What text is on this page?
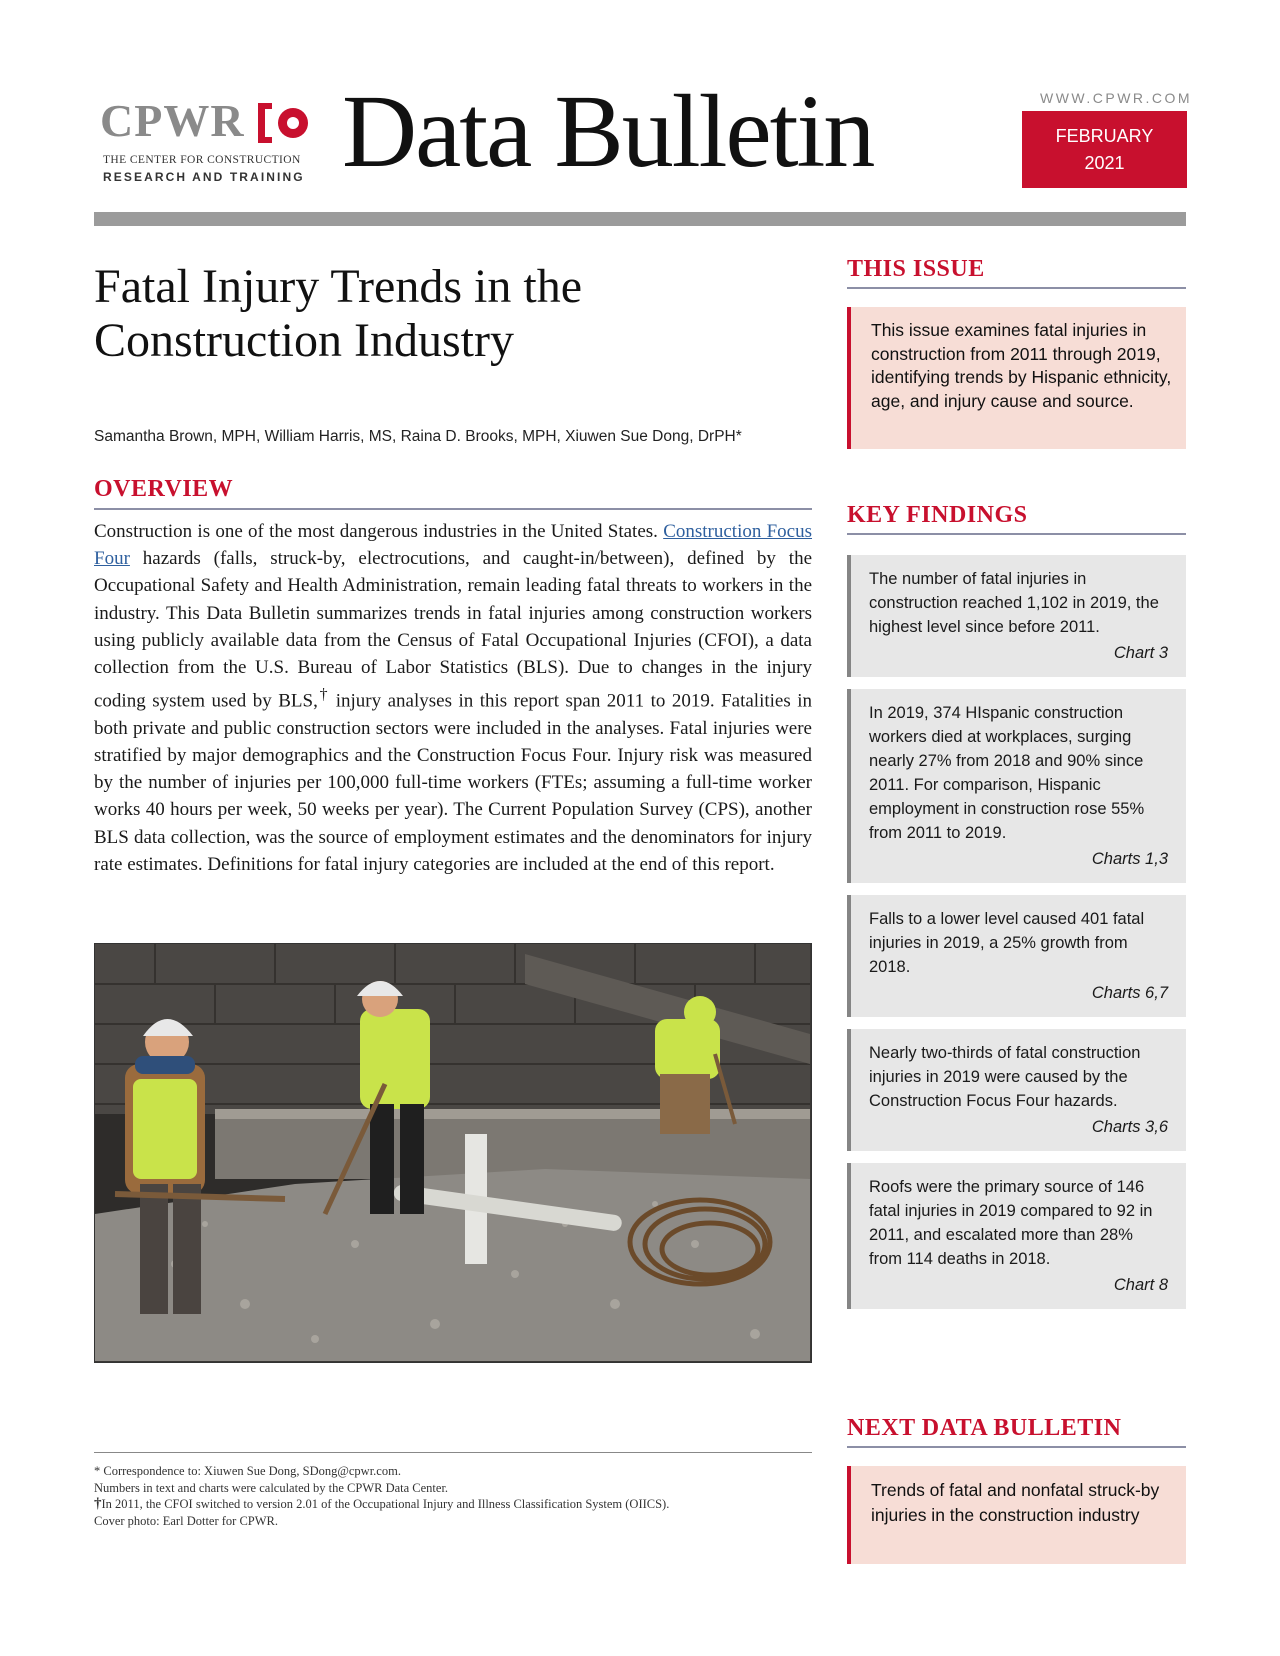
CPWR
THE CENTER FOR CONSTRUCTION
RESEARCH AND TRAINING Data Bulletin	WWW.CPWR.COM
FEBRUARY
2021
Fatal Injury Trends in the
Construction Industry
Samantha Brown, MPH, William Harris, MS, Raina D. Brooks, MPH, Xiuwen Sue Dong, DrPH*
OVERVIEW
Construction is one of the most dangerous industries in the United States. Construction Focus Four hazards (falls, struck-by, electrocutions, and caught-in/between), defined by the Occupational Safety and Health Administration, remain leading fatal threats to workers in the industry. This Data Bulletin summarizes trends in fatal injuries among construction workers using publicly available data from the Census of Fatal Occupational Injuries (CFOI), a data collection from the U.S. Bureau of Labor Statistics (BLS). Due to changes in the injury coding system used by BLS,† injury analyses in this report span 2011 to 2019. Fatalities in both private and public construction sectors were included in the analyses. Fatal injuries were stratified by major demographics and the Construction Focus Four. Injury risk was measured by the number of injuries per 100,000 full-time workers (FTEs; assuming a full-time worker works 40 hours per week, 50 weeks per year). The Current Population Survey (CPS), another BLS data collection, was the source of employment estimates and the denominators for injury rate estimates. Definitions for fatal injury categories are included at the end of this report.
* Correspondence to: Xiuwen Sue Dong, SDong@cpwr.com.
Numbers in text and charts were calculated by the CPWR Data Center.
†In 2011, the CFOI switched to version 2.01 of the Occupational Injury and Illness Classification System (OIICS).
Cover photo: Earl Dotter for CPWR.
THIS ISSUE
This issue examines fatal injuries in construction from 2011 through 2019, identifying trends by Hispanic ethnicity, age, and injury cause and source.
KEY FINDINGS
The number of fatal injuries in construction reached 1,102 in 2019, the highest level since before 2011.
Chart 3
In 2019, 374 HIspanic construction workers died at workplaces, surging nearly 27% from 2018 and 90% since 2011. For comparison, Hispanic employment in construction rose 55% from 2011 to 2019.
Charts 1,3
Falls to a lower level caused 401 fatal injuries in 2019, a 25% growth from 2018.
Charts 6,7
Nearly two-thirds of fatal construction injuries in 2019 were caused by the Construction Focus Four hazards.
Charts 3,6
Roofs were the primary source of 146 fatal injuries in 2019 compared to 92 in 2011, and escalated more than 28% from 114 deaths in 2018.
Chart 8
NEXT DATA BULLETIN
Trends of fatal and nonfatal struck-by injuries in the construction industry
